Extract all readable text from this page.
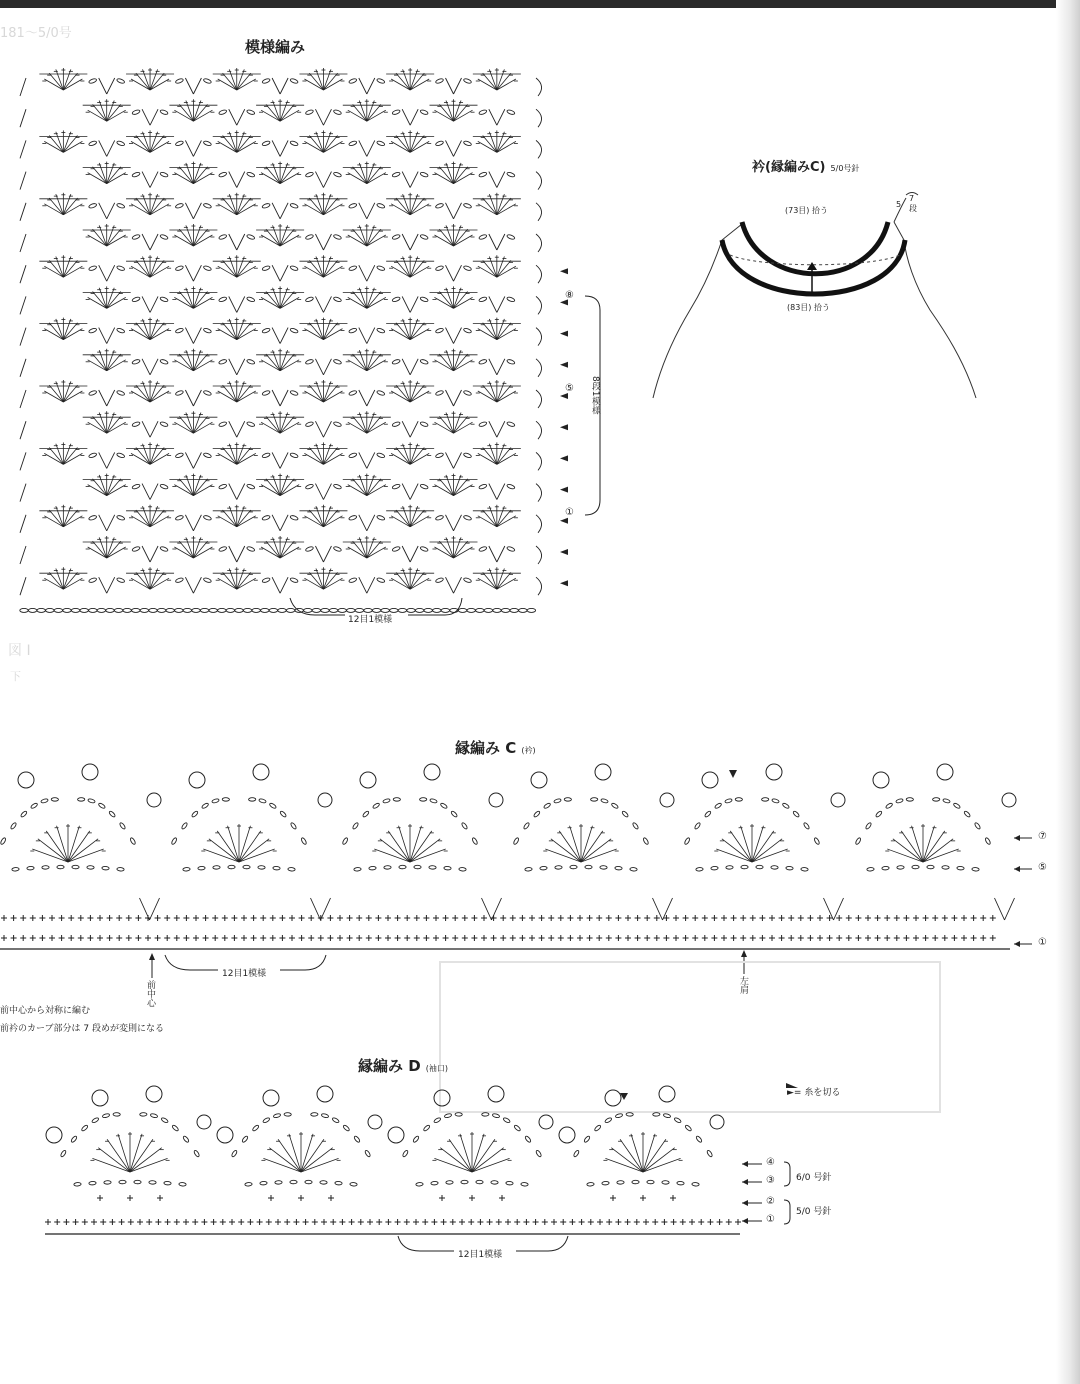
181〜5/0号
模様編み
⑧
⑤
①
8段1模様
12目1模様
衿(縁編みC) 5/0号針
(73目) 拾う
(83目) 拾う
5
7段
図 I
下
縁編み C (衿)
⑦
⑤
①
12目1模様
前中心	左肩
前中心から対称に編む
前衿のカーブ部分は 7 段めが変則になる
縁編み D (袖口)
►= 糸を切る
④
③
②
①
6/0 号針
5/0 号針
12目1模様
